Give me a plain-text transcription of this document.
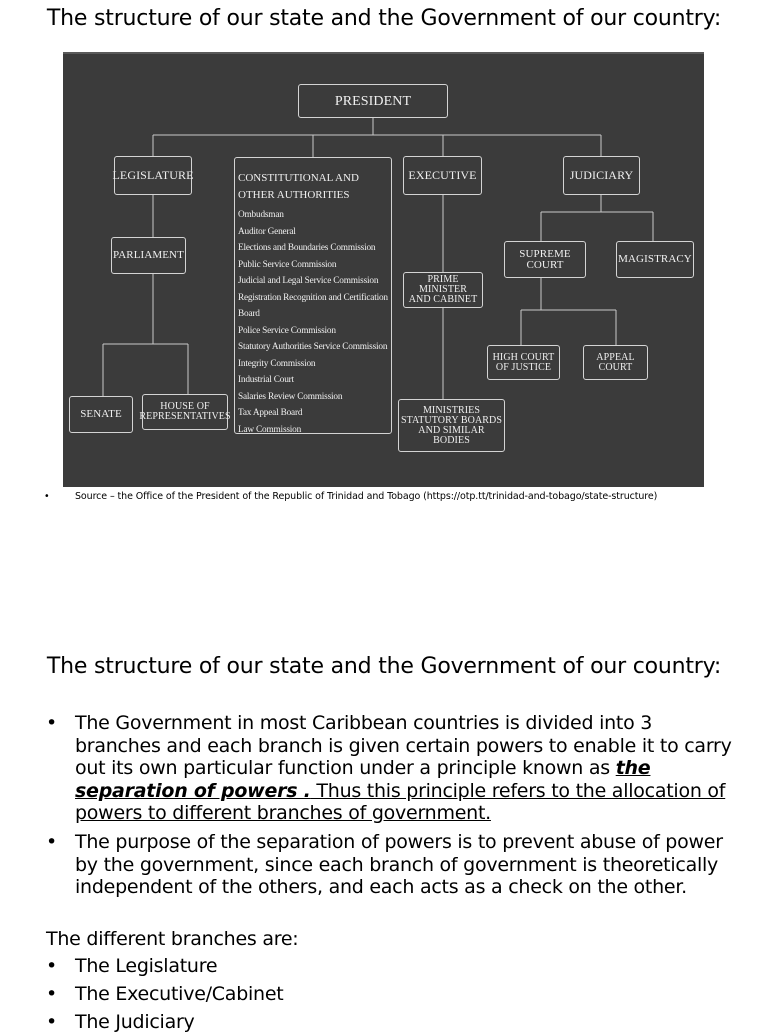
The structure of our state and the Government of our country:
PRESIDENT
LEGISLATURE
PARLIAMENT
SENATE
HOUSE OF
REPRESENTATIVES
CONSTITUTIONAL AND
OTHER AUTHORITIES
Ombudsman
Auditor General
Elections and Boundaries Commission
Public Service Commission
Judicial and Legal Service Commission
Registration Recognition and Certification
Board
Police Service Commission
Statutory Authorities Service Commission
Integrity Commission
Industrial Court
Salaries Review Commission
Tax Appeal Board
Law Commission
EXECUTIVE
PRIME MINISTER
AND CABINET
MINISTRIES
STATUTORY BOARDS
AND SIMILAR BODIES
JUDICIARY
SUPREME COURT	MAGISTRACY
HIGH COURT
OF JUSTICE
APPEAL
COURT
•	Source – the Office of the President of the Republic of Trinidad and Tobago (https://otp.tt/trinidad-and-tobago/state-structure)
The structure of our state and the Government of our country:
• The Government in most Caribbean countries is divided into 3 branches and each branch is given certain powers to enable it to carry out its own particular function under a principle known as the separation of powers . Thus this principle refers to the allocation of powers to different branches of government.
• The purpose of the separation of powers is to prevent abuse of power by the government, since each branch of government is theoretically independent of the others, and each acts as a check on the other.
The different branches are:
• The Legislature
• The Executive/Cabinet
• The Judiciary
